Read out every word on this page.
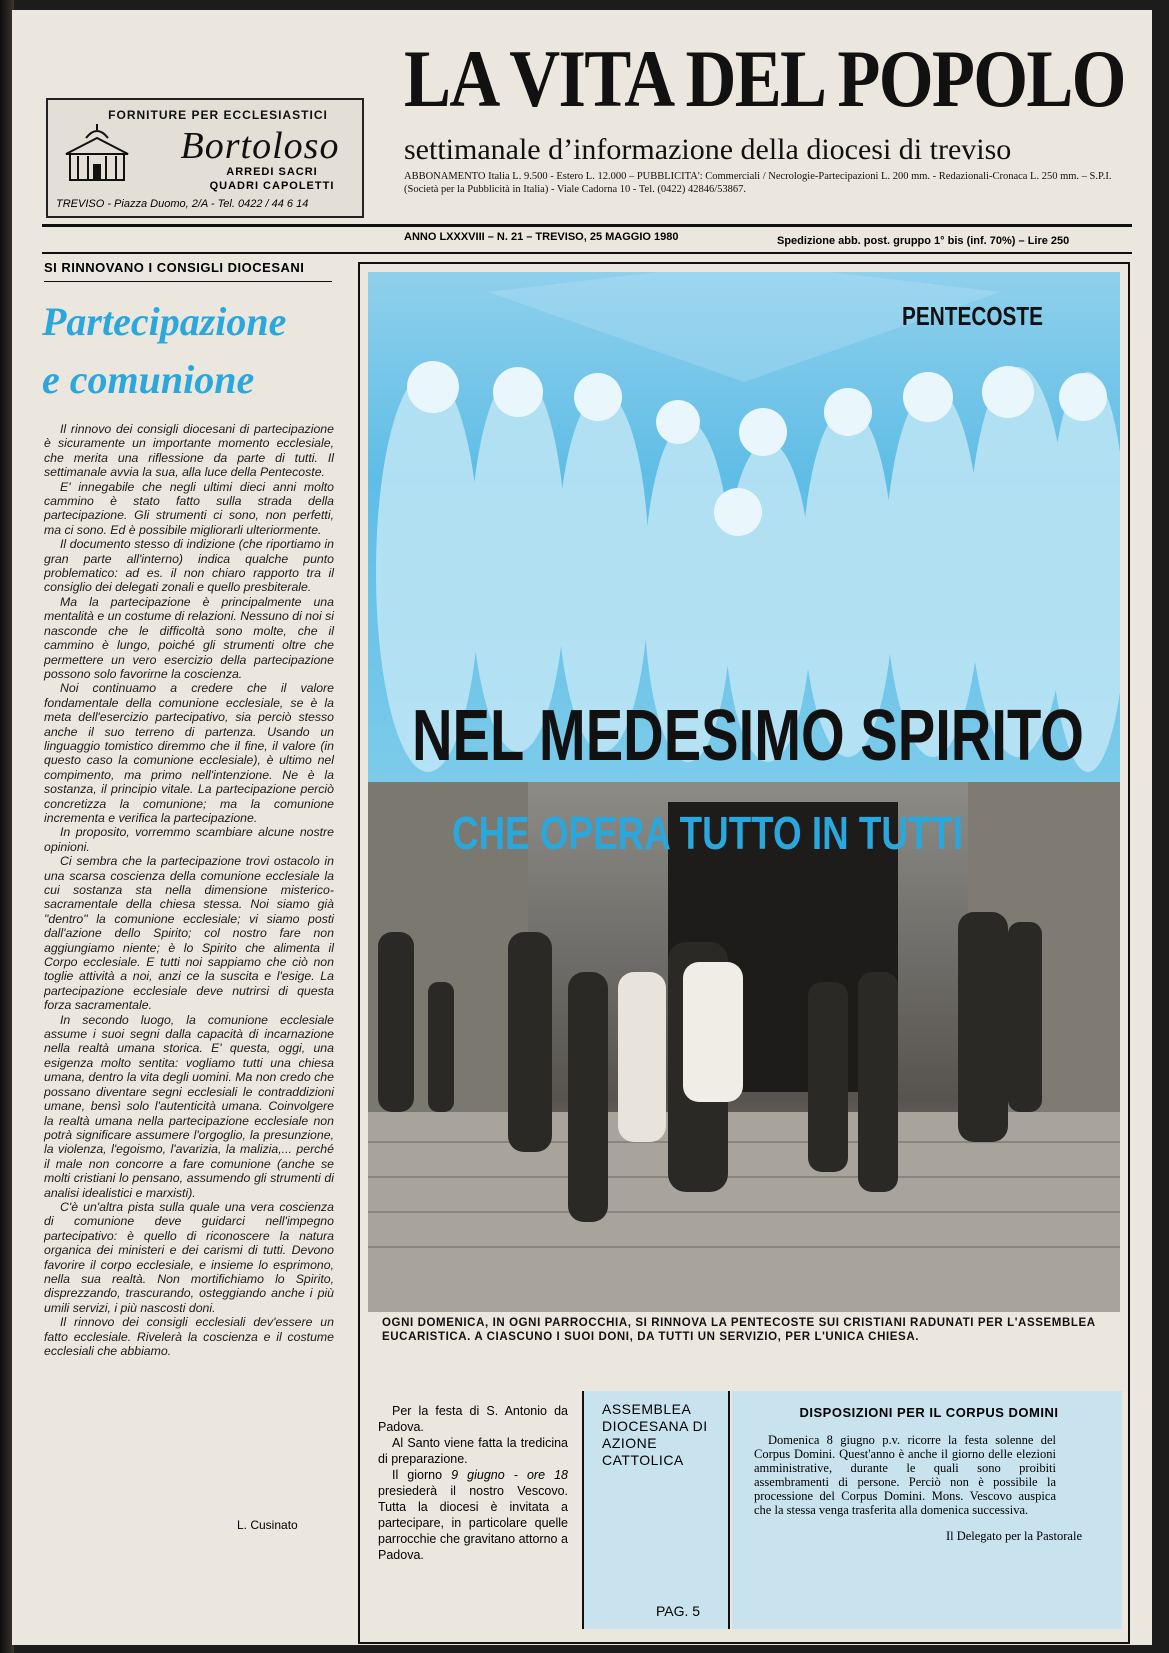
FORNITURE PER ECCLESIASTICI
Bortoloso
ARREDI SACRI
QUADRI CAPOLETTI
TREVISO - Piazza Duomo, 2/A - Tel. 0422 / 44 6 14
LA VITA DEL POPOLO
settimanale d’informazione della diocesi di treviso
ABBONAMENTO Italia L. 9.500 - Estero L. 12.000 – PUBBLICITA': Commerciali / Necrologie-Partecipazioni L. 200 mm. - Redazionali-Cronaca L. 250 mm. – S.P.I. (Società per la Pubblicità in Italia) - Viale Cadorna 10 - Tel. (0422) 42846/53867.
ANNO LXXXVIII – N. 21 – TREVISO, 25 MAGGIO 1980	Spedizione abb. post. gruppo 1° bis (inf. 70%) – Lire 250
SI RINNOVANO I CONSIGLI DIOCESANI
Partecipazione
e comunione

Il rinnovo dei consigli diocesani di partecipazione è sicuramente un importante momento ecclesiale, che merita una riflessione da parte di tutti. Il settimanale avvia la sua, alla luce della Pentecoste.

E' innegabile che negli ultimi dieci anni molto cammino è stato fatto sulla strada della partecipazione. Gli strumenti ci sono, non perfetti, ma ci sono. Ed è possibile migliorarli ulteriormente.

Il documento stesso di indizione (che riportiamo in gran parte all'interno) indica qualche punto problematico: ad es. il non chiaro rapporto tra il consiglio dei delegati zonali e quello presbiterale.

Ma la partecipazione è principalmente una mentalità e un costume di relazioni. Nessuno di noi si nasconde che le difficoltà sono molte, che il cammino è lungo, poiché gli strumenti oltre che permettere un vero esercizio della partecipazione possono solo favorirne la coscienza.

Noi continuamo a credere che il valore fondamentale della comunione ecclesiale, se è la meta dell'esercizio partecipativo, sia perciò stesso anche il suo terreno di partenza. Usando un linguaggio tomistico diremmo che il fine, il valore (in questo caso la comunione ecclesiale), è ultimo nel compimento, ma primo nell'intenzione. Ne è la sostanza, il principio vitale. La partecipazione perciò concretizza la comunione; ma la comunione incrementa e verifica la partecipazione.

In proposito, vorremmo scambiare alcune nostre opinioni.

Ci sembra che la partecipazione trovi ostacolo in una scarsa coscienza della comunione ecclesiale la cui sostanza sta nella dimensione misterico-sacramentale della chiesa stessa. Noi siamo già "dentro" la comunione ecclesiale; vi siamo posti dall'azione dello Spirito; col nostro fare non aggiungiamo niente; è lo Spirito che alimenta il Corpo ecclesiale. E tutti noi sappiamo che ciò non toglie attività a noi, anzi ce la suscita e l'esige. La partecipazione ecclesiale deve nutrirsi di questa forza sacramentale.

In secondo luogo, la comunione ecclesiale assume i suoi segni dalla capacità di incarnazione nella realtà umana storica. E' questa, oggi, una esigenza molto sentita: vogliamo tutti una chiesa umana, dentro la vita degli uomini. Ma non credo che possano diventare segni ecclesiali le contraddizioni umane, bensì solo l'autenticità umana. Coinvolgere la realtà umana nella partecipazione ecclesiale non potrà significare assumere l'orgoglio, la presunzione, la violenza, l'egoismo, l'avarizia, la malizia,... perché il male non concorre a fare comunione (anche se molti cristiani lo pensano, assumendo gli strumenti di analisi idealistici e marxisti).

C'è un'altra pista sulla quale una vera coscienza di comunione deve guidarci nell'impegno partecipativo: è quello di riconoscere la natura organica dei ministeri e dei carismi di tutti. Devono favorire il corpo ecclesiale, e insieme lo esprimono, nella sua realtà. Non mortifichiamo lo Spirito, disprezzando, trascurando, osteggiando anche i più umili servizi, i più nascosti doni.

Il rinnovo dei consigli ecclesiali dev'essere un fatto ecclesiale. Rivelerà la coscienza e il costume ecclesiali che abbiamo.

L. Cusinato
PENTECOSTE
NEL MEDESIMO SPIRITO
CHE OPERA TUTTO IN TUTTI
OGNI DOMENICA, IN OGNI PARROCCHIA, SI RINNOVA LA PENTECOSTE SUI CRISTIANI RADUNATI PER L'ASSEMBLEA EUCARISTICA. A CIASCUNO I SUOI DONI, DA TUTTI UN SERVIZIO, PER L'UNICA CHIESA.

Per la festa di S. Antonio da Padova.

Al Santo viene fatta la tredicina di preparazione.

Il giorno 9 giugno - ore 18 presiederà il nostro Vescovo. Tutta la diocesi è invitata a partecipare, in particolare quelle parrocchie che gravitano attorno a Padova.

ASSEMBLEA DIOCESANA DI AZIONE CATTOLICA
PAG. 5
DISPOSIZIONI PER IL CORPUS DOMINI
Domenica 8 giugno p.v. ricorre la festa solenne del Corpus Domini. Quest'anno è anche il giorno delle elezioni amministrative, durante le quali sono proibiti assembramenti di persone. Perciò non è possibile la processione del Corpus Domini. Mons. Vescovo auspica che la stessa venga trasferita alla domenica successiva.
Il Delegato per la Pastorale
